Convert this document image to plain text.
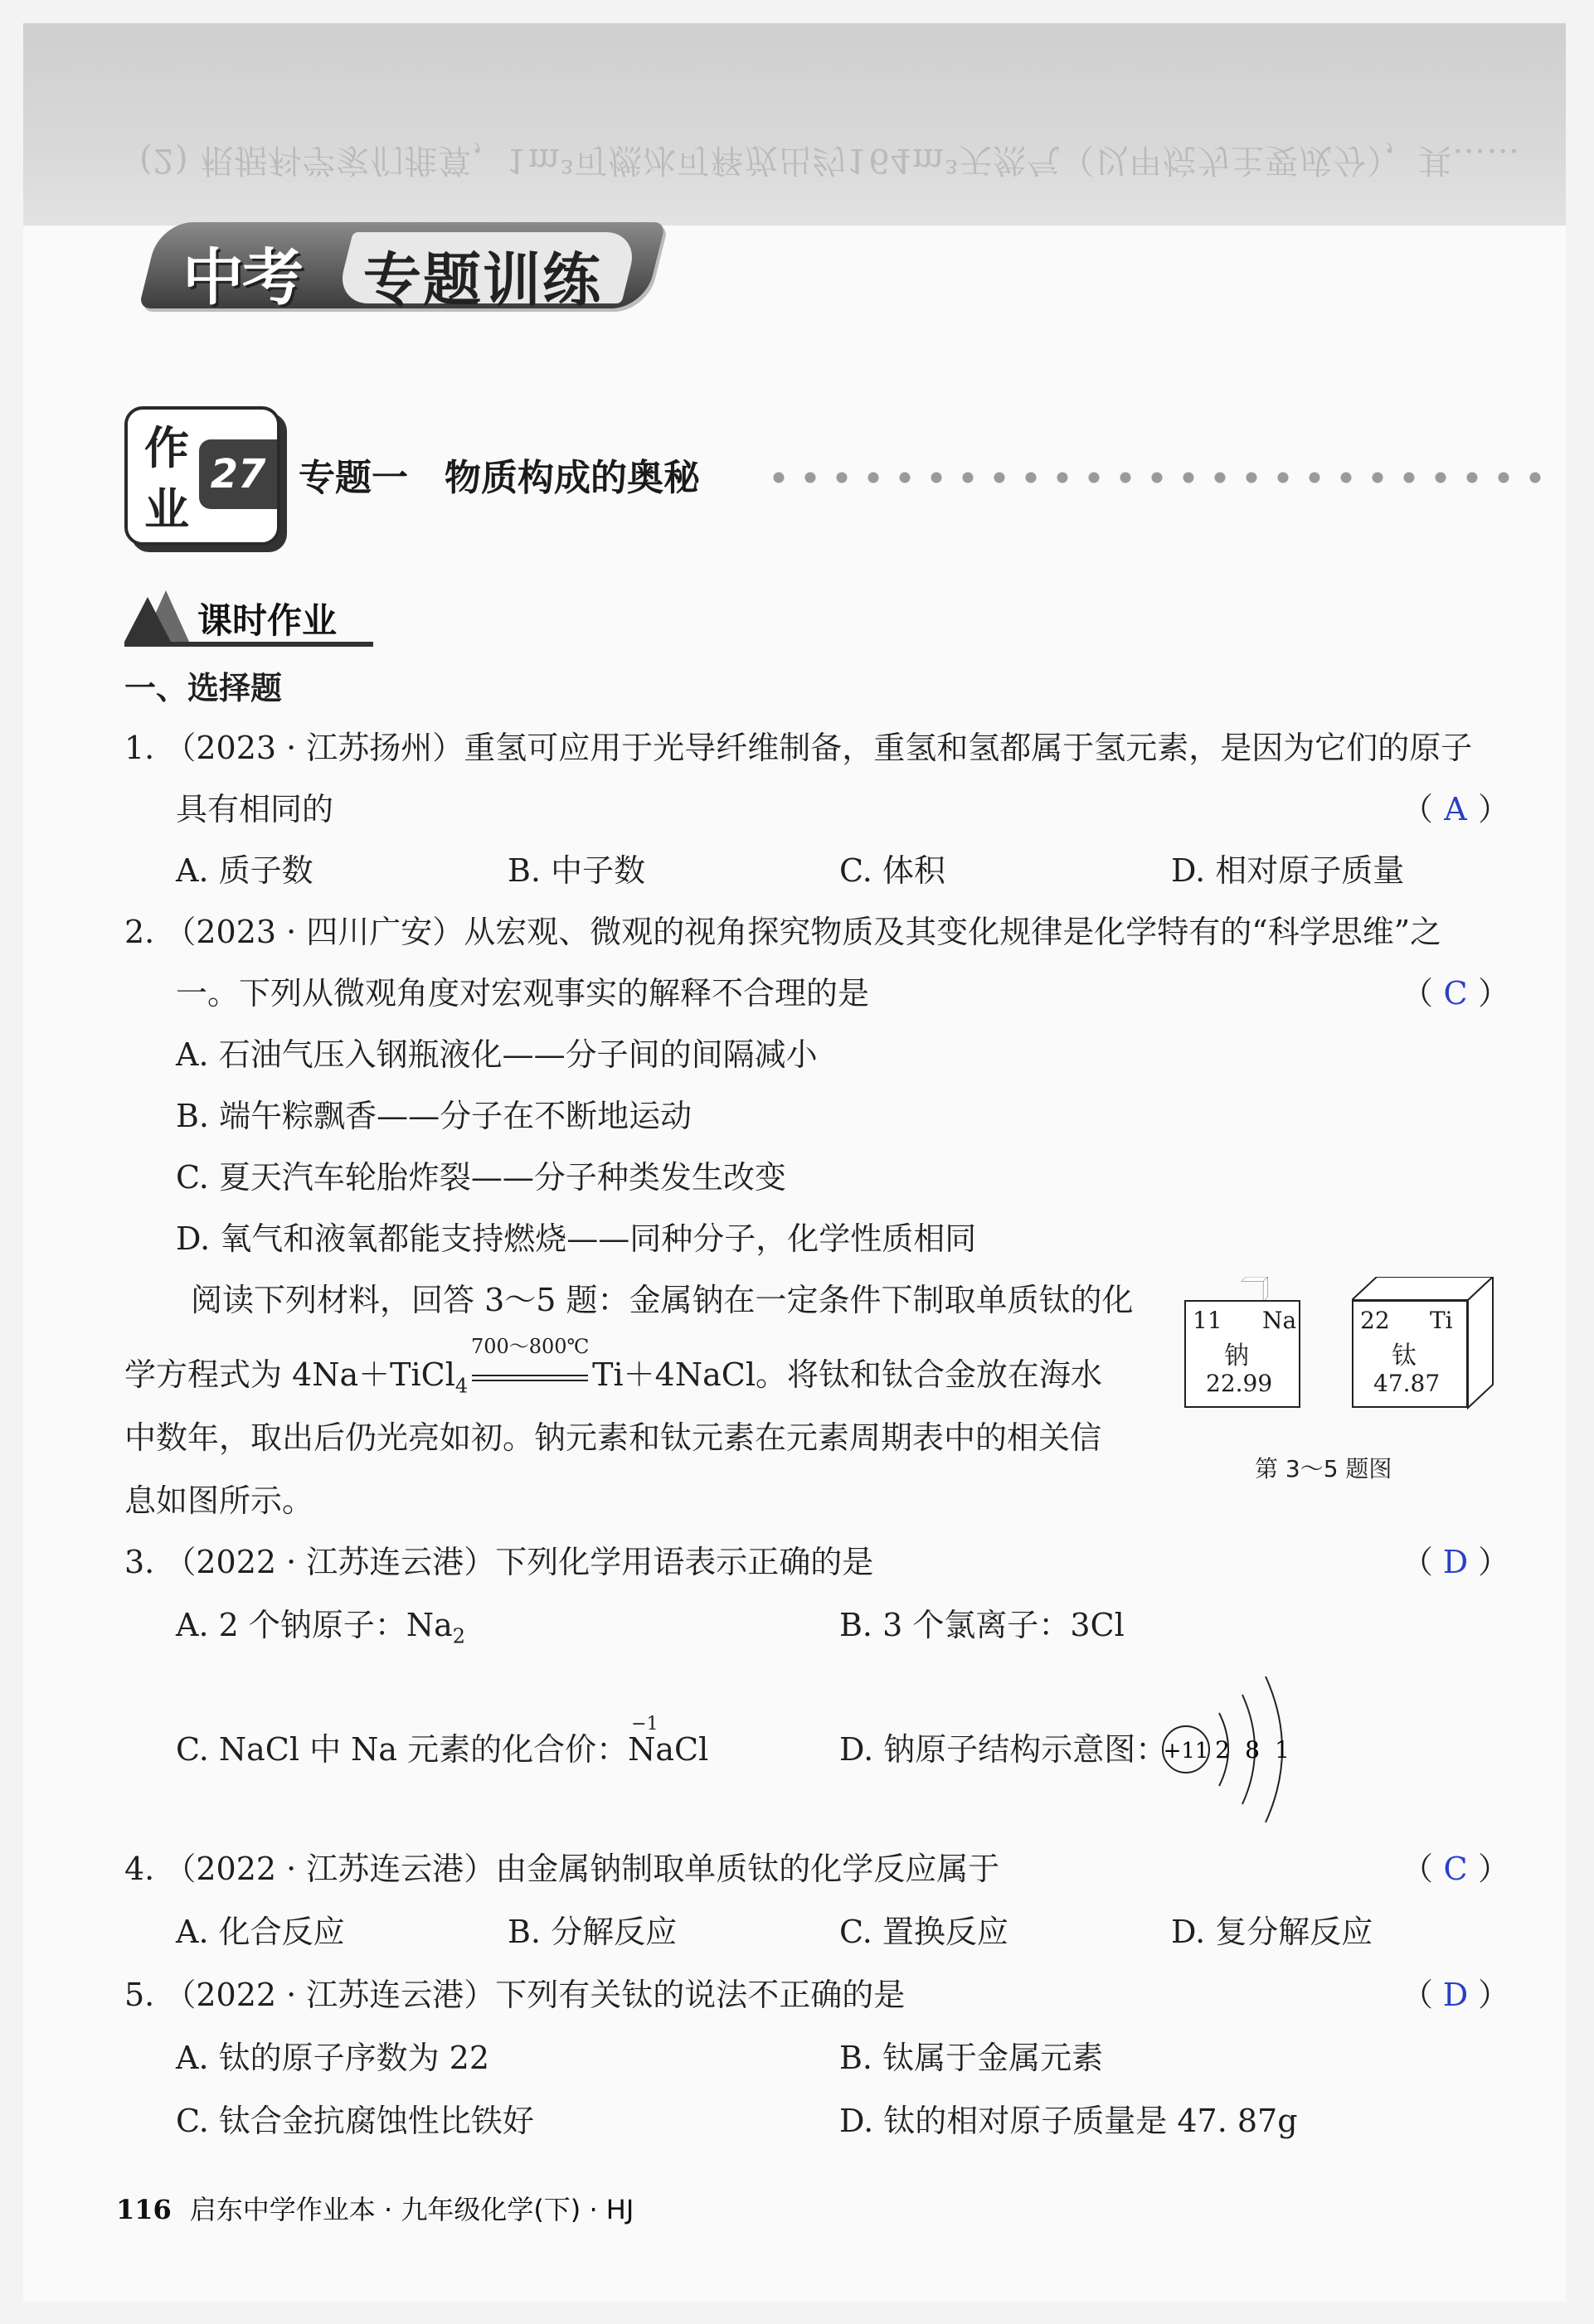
(2) 根据科学家们推算，1m³可燃冰可释放出约164m³天然气（以甲烷为主要成分），其……
中考 专题训练
作
业
27 专题一　物质构成的奥秘
课时作业
一、选择题
1. （2023 · 江苏扬州）重氢可应用于光导纤维制备，重氢和氢都属于氢元素，是因为它们的原子
具有相同的	（ A ）
A. 质子数	B. 中子数	C. 体积	D. 相对原子质量
2. （2023 · 四川广安）从宏观、微观的视角探究物质及其变化规律是化学特有的“科学思维”之
一。下列从微观角度对宏观事实的解释不合理的是	（ C ）
A. 石油气压入钢瓶液化——分子间的间隔减小
B. 端午粽飘香——分子在不断地运动
C. 夏天汽车轮胎炸裂——分子种类发生改变
D. 氧气和液氧都能支持燃烧——同种分子，化学性质相同
阅读下列材料，回答 3～5 题：金属钠在一定条件下制取单质钛的化
学方程式为 4Na＋TiCl$_4$
700～800℃
Ti＋4NaCl。将钛和钛合金放在海水
中数年，取出后仍光亮如初。钠元素和钛元素在元素周期表中的相关信
息如图所示。
11 Na
钠
22.99
22 Ti
钛
47.87
第 3～5 题图
3. （2022 · 江苏连云港）下列化学用语表示正确的是	（ D ）
A. 2 个钠原子：$Na_2$	B. 3 个氯离子：3Cl
C. NaCl 中 Na 元素的化合价：
−1
NaCl	D. 钠原子结构示意图：
+11 2 8 1
4. （2022 · 江苏连云港）由金属钠制取单质钛的化学反应属于	（ C ）
A. 化合反应	B. 分解反应	C. 置换反应	D. 复分解反应
5. （2022 · 江苏连云港）下列有关钛的说法不正确的是	（ D ）
A. 钛的原子序数为 22	B. 钛属于金属元素
C. 钛合金抗腐蚀性比铁好	D. 钛的相对原子质量是 47. 87g
116 启东中学作业本 · 九年级化学(下) · HJ
